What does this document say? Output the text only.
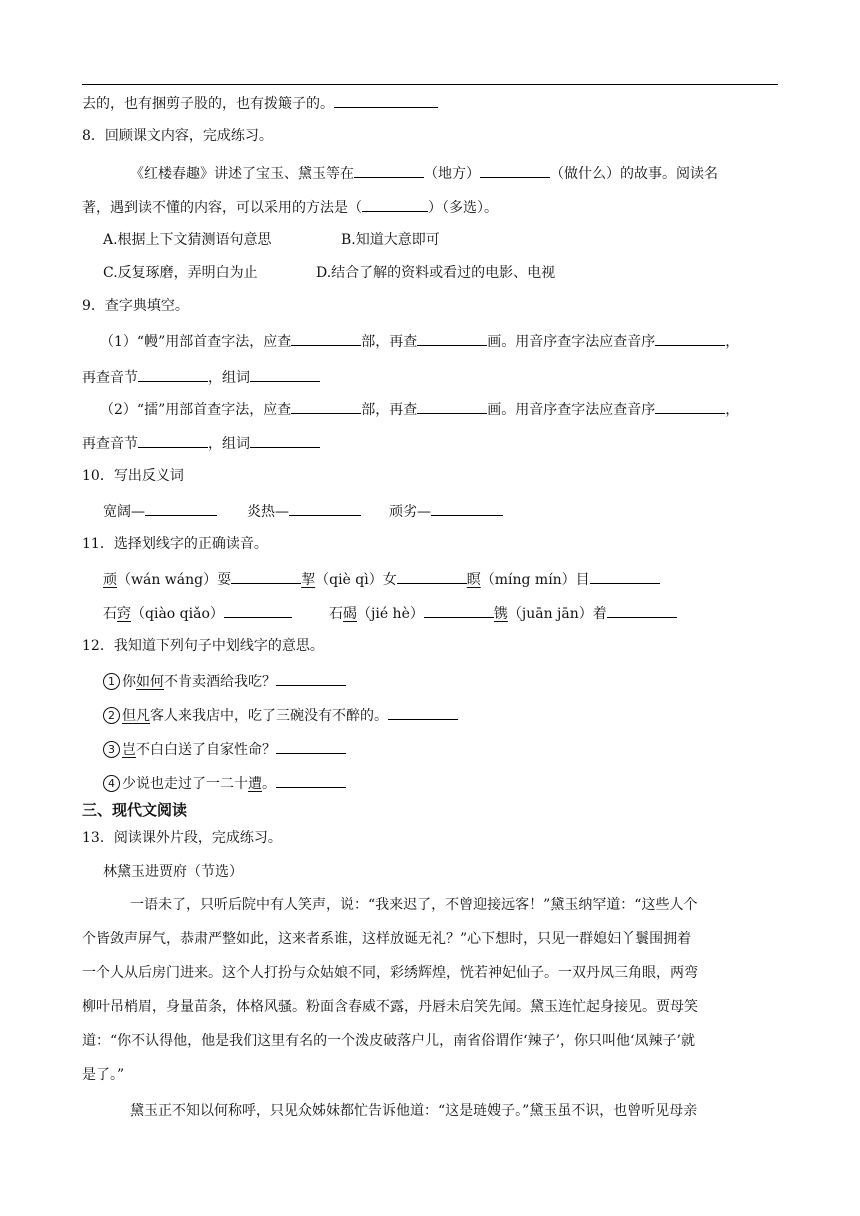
去的，也有捆剪子股的，也有拨簸子的。
8．回顾课文内容，完成练习。
《红楼春趣》讲述了宝玉、黛玉等在	（地方）	（做什么）的故事。阅读名
著，遇到读不懂的内容，可以采用的方法是（	）（多选）。
A.根据上下文猜测语句意思	B.知道大意即可
C.反复琢磨，弄明白为止	D.结合了解的资料或看过的电影、电视
9．查字典填空。
（1）“幔”用部首查字法，应查	部，再查	画。用音序查字法应查音序	，
再查音节	，组词
（2）“擂”用部首查字法，应查	部，再查	画。用音序查字法应查音序	，
再查音节	，组词
10．写出反义词
宽阔—	炎热—	顽劣—
11．选择划线字的正确读音。
顽（wán wáng）耍	挈（qiè qì）女	瞑（míng mín）目
石窍（qiào qiǎo）	石碣（jié hè）	镌（juān jān）着
12．我知道下列句子中划线字的意思。
1 你如何不肯卖酒给我吃？
2 但凡客人来我店中，吃了三碗没有不醉的。
3 岂不白白送了自家性命？
4 少说也走过了一二十遭。
三、现代文阅读
13．阅读课外片段，完成练习。
林黛玉进贾府（节选）
一语未了，只听后院中有人笑声，说：“我来迟了，不曾迎接远客！”黛玉纳罕道：“这些人个
个皆敛声屏气，恭肃严整如此，这来者系谁，这样放诞无礼？”心下想时，只见一群媳妇丫鬟围拥着
一个人从后房门进来。这个人打扮与众姑娘不同，彩绣辉煌，恍若神妃仙子。一双丹凤三角眼，两弯
柳叶吊梢眉，身量苗条，体格风骚。粉面含春威不露，丹唇未启笑先闻。黛玉连忙起身接见。贾母笑
道：“你不认得他，他是我们这里有名的一个泼皮破落户儿，南省俗谓作‘辣子’，你只叫他‘凤辣子’就
是了。”
黛玉正不知以何称呼，只见众姊妹都忙告诉他道：“这是琏嫂子。”黛玉虽不识，也曾听见母亲
